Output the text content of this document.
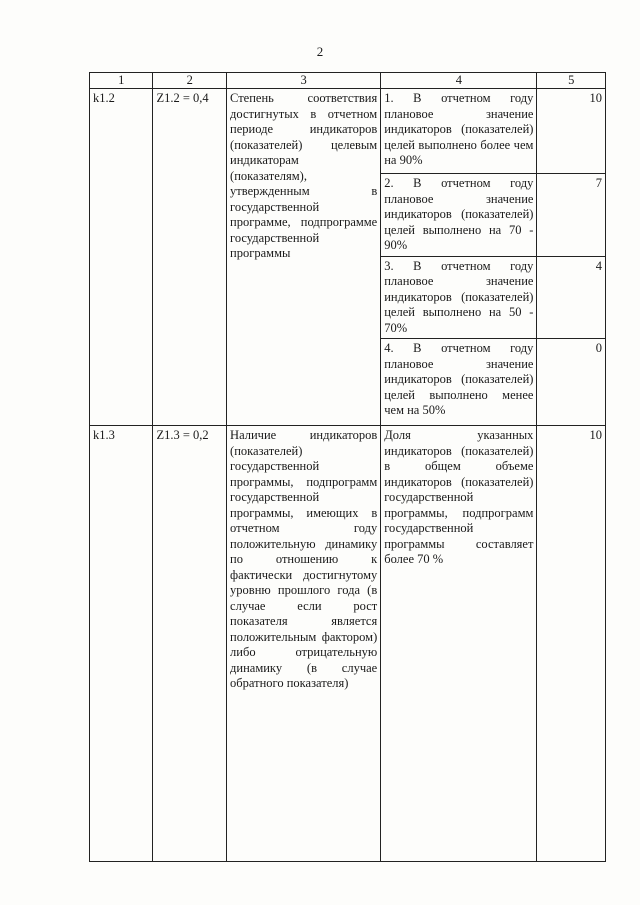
2
1	2	3	4	5
k1.2	Z1.2 = 0,4	Степень соответствия достигнутых в отчетном периоде индикаторов (показателей) целевым индикаторам (показателям), утвержденным в государственной программе, подпрограмме государственной программы	1. В отчетном году плановое значение индикаторов (показателей) целей выполнено более чем на 90%	10
			2. В отчетном году плановое значение индикаторов (показателей) целей выполнено на 70 - 90%	7
			3. В отчетном году плановое значение индикаторов (показателей) целей выполнено на 50 - 70%	4
			4. В отчетном году плановое значение индикаторов (показателей) целей выполнено менее чем на 50%	0
k1.3	Z1.3 = 0,2	Наличие индикаторов (показателей) государственной программы, подпрограмм государственной программы, имеющих в отчетном году положительную динамику по отношению к фактически достигнутому уровню прошлого года (в случае если рост показателя является положительным фактором) либо отрицательную динамику (в случае обратного показателя)	Доля указанных индикаторов (показателей) в общем объеме индикаторов (показателей) государственной программы, подпрограмм государственной программы составляет более 70 %	10
